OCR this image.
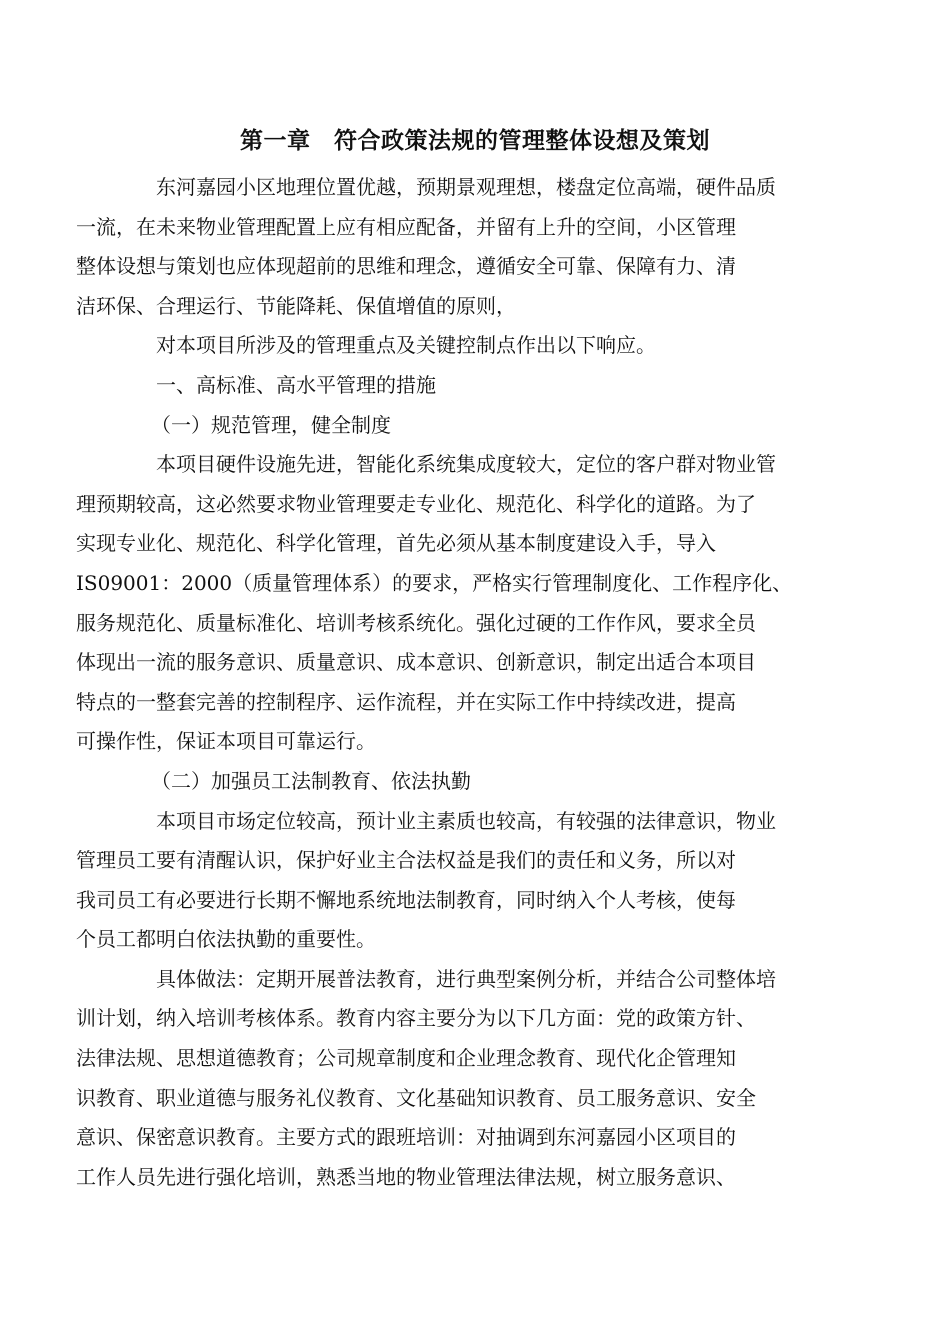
第一章　符合政策法规的管理整体设想及策划

东河嘉园小区地理位置优越，预期景观理想，楼盘定位高端，硬件品质
一流，在未来物业管理配置上应有相应配备，并留有上升的空间，小区管理
整体设想与策划也应体现超前的思维和理念，遵循安全可靠、保障有力、清
洁环保、合理运行、节能降耗、保值增值的原则，

对本项目所涉及的管理重点及关键控制点作出以下响应。

一、高标准、高水平管理的措施

（一）规范管理，健全制度

本项目硬件设施先进，智能化系统集成度较大，定位的客户群对物业管
理预期较高，这必然要求物业管理要走专业化、规范化、科学化的道路。为了
实现专业化、规范化、科学化管理，首先必须从基本制度建设入手，导入
IS09001：2000（质量管理体系）的要求，严格实行管理制度化、工作程序化、
服务规范化、质量标准化、培训考核系统化。强化过硬的工作作风，要求全员
体现出一流的服务意识、质量意识、成本意识、创新意识，制定出适合本项目
特点的一整套完善的控制程序、运作流程，并在实际工作中持续改进，提高
可操作性，保证本项目可靠运行。

（二）加强员工法制教育、依法执勤

本项目市场定位较高，预计业主素质也较高，有较强的法律意识，物业
管理员工要有清醒认识，保护好业主合法权益是我们的责任和义务，所以对
我司员工有必要进行长期不懈地系统地法制教育，同时纳入个人考核，使每
个员工都明白依法执勤的重要性。

具体做法：定期开展普法教育，进行典型案例分析，并结合公司整体培
训计划，纳入培训考核体系。教育内容主要分为以下几方面：党的政策方针、
法律法规、思想道德教育；公司规章制度和企业理念教育、现代化企管理知
识教育、职业道德与服务礼仪教育、文化基础知识教育、员工服务意识、安全
意识、保密意识教育。主要方式的跟班培训：对抽调到东河嘉园小区项目的
工作人员先进行强化培训，熟悉当地的物业管理法律法规，树立服务意识、
